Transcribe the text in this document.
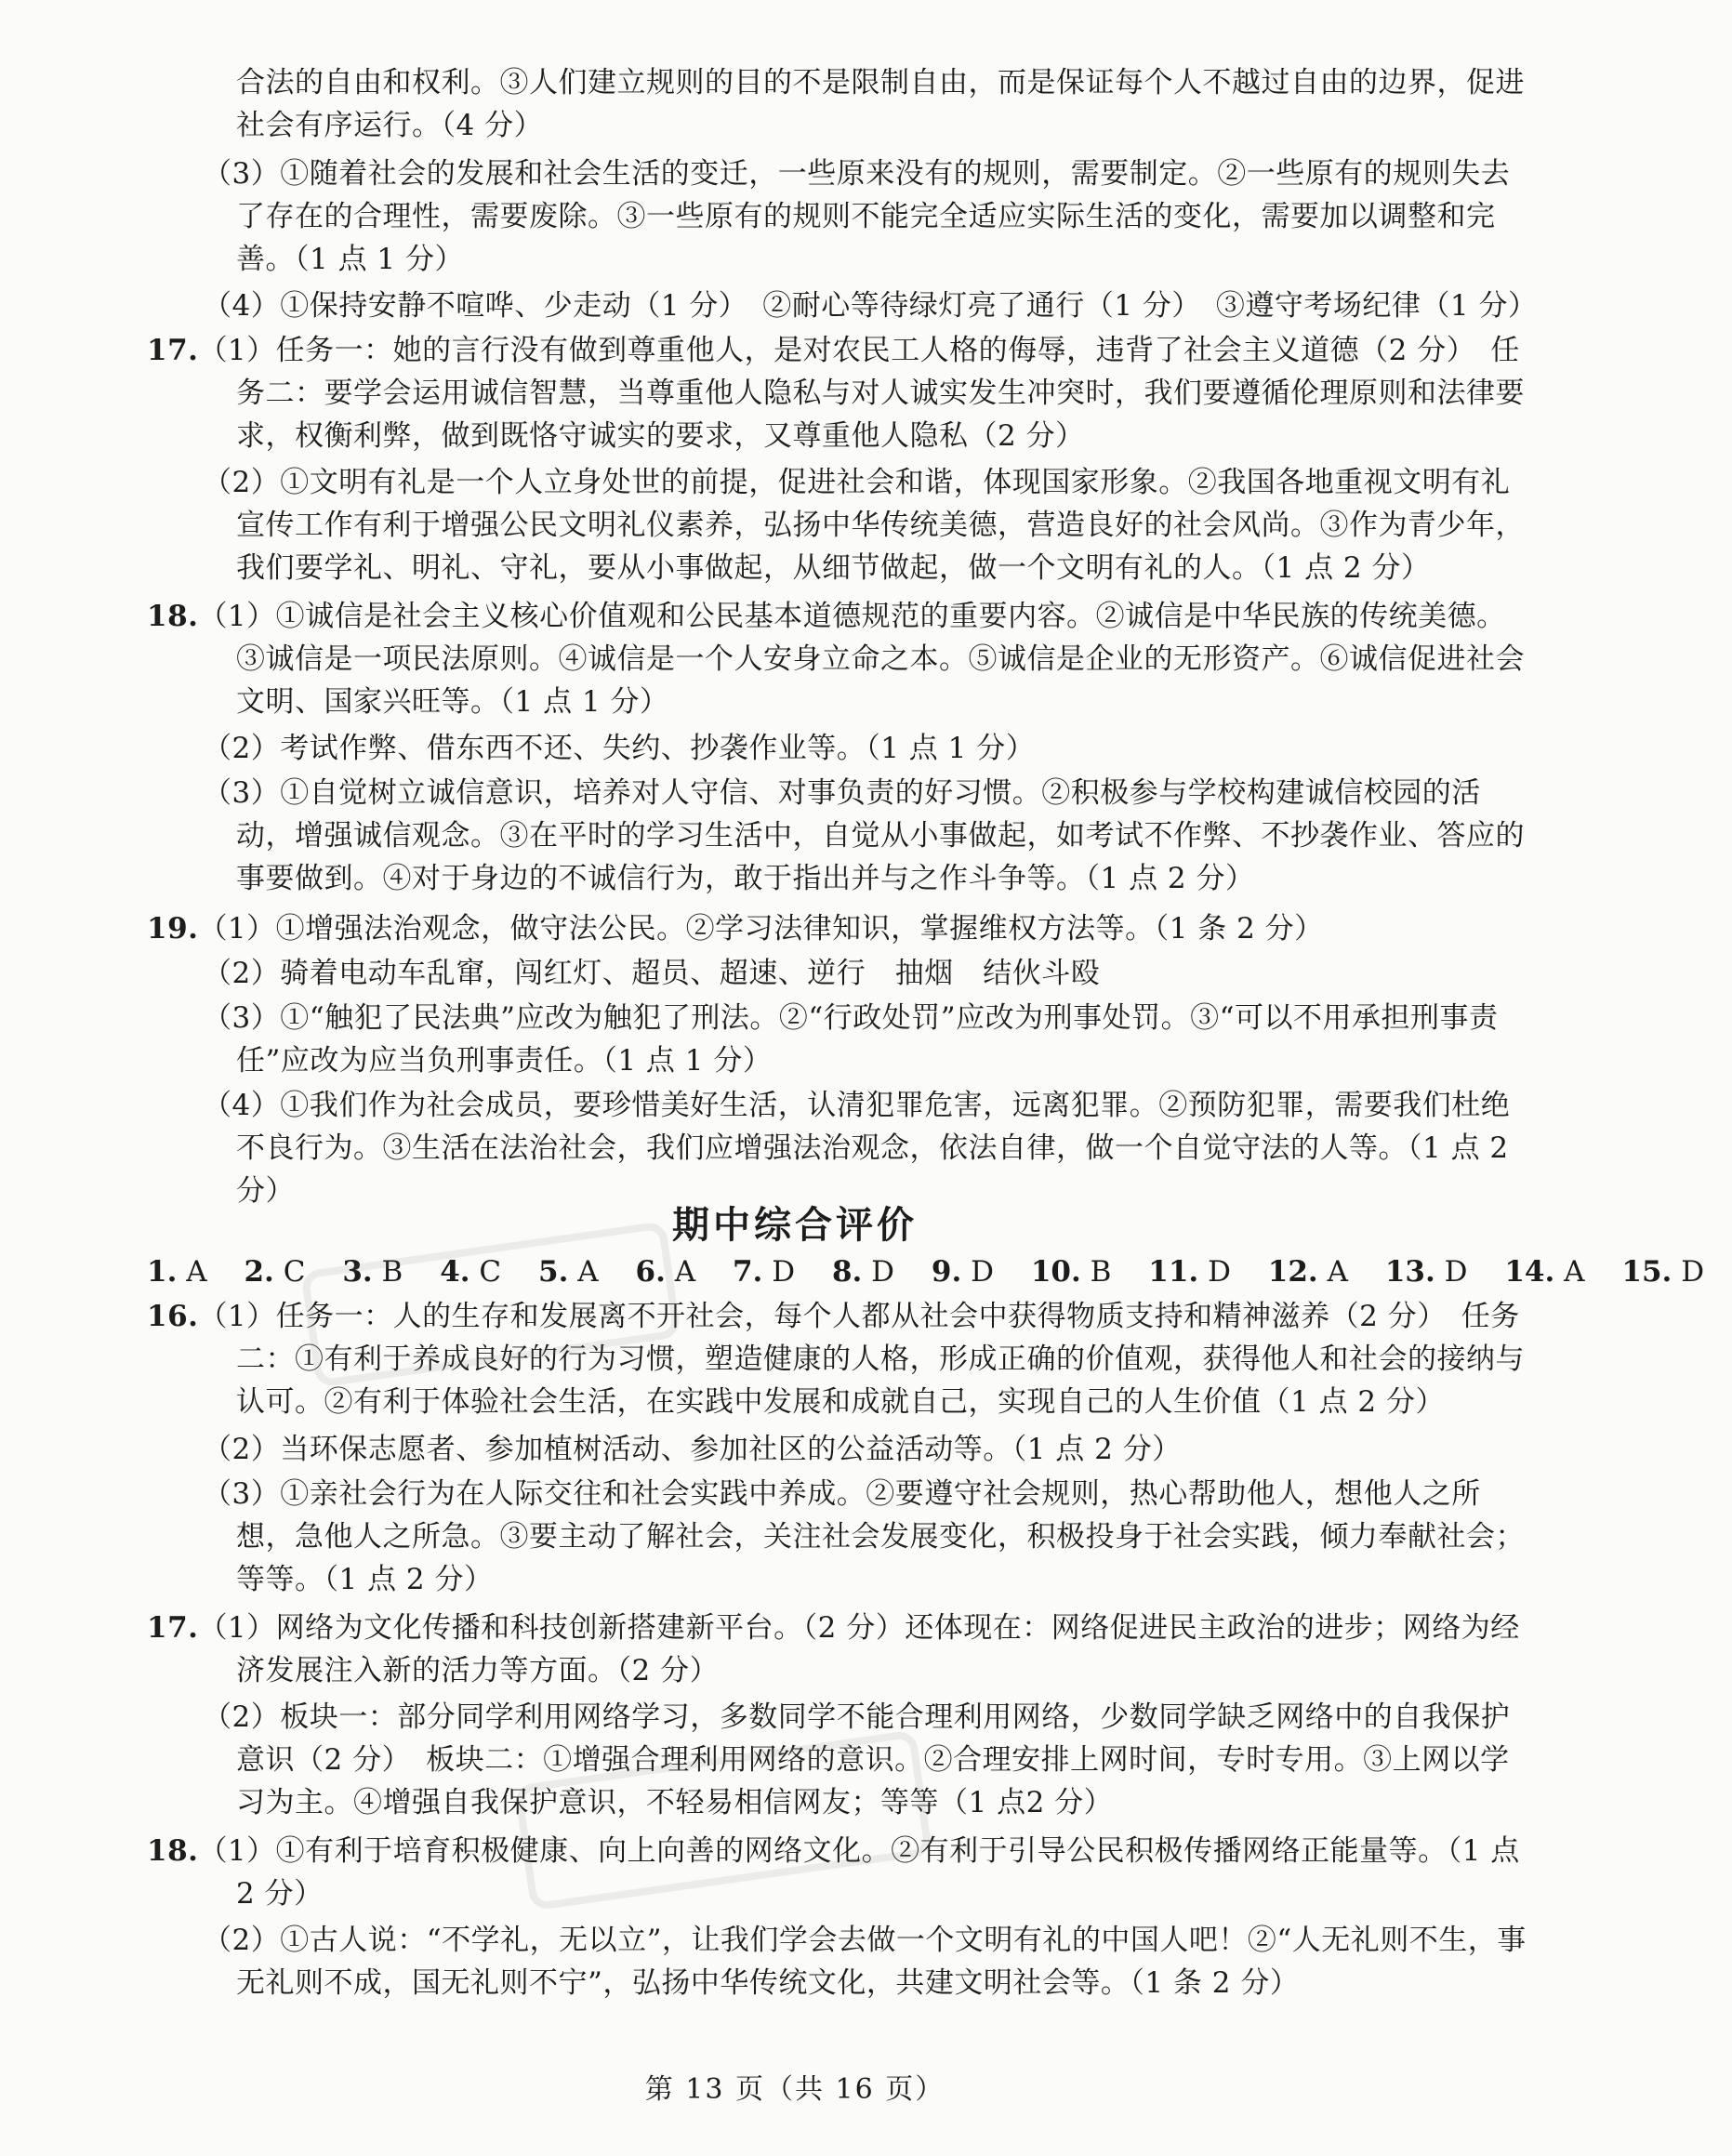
合法的自由和权利。③人们建立规则的目的不是限制自由，而是保证每个人不越过自由的边界，促进社会有序运行。（4 分）
（3）①随着社会的发展和社会生活的变迁，一些原来没有的规则，需要制定。②一些原有的规则失去了存在的合理性，需要废除。③一些原有的规则不能完全适应实际生活的变化，需要加以调整和完善。（1 点 1 分）
（4）①保持安静不喧哗、少走动（1 分）　②耐心等待绿灯亮了通行（1 分）　③遵守考场纪律（1 分）
17.（1）任务一：她的言行没有做到尊重他人，是对农民工人格的侮辱，违背了社会主义道德（2 分）　任务二：要学会运用诚信智慧，当尊重他人隐私与对人诚实发生冲突时，我们要遵循伦理原则和法律要求，权衡利弊，做到既恪守诚实的要求，又尊重他人隐私（2 分）
（2）①文明有礼是一个人立身处世的前提，促进社会和谐，体现国家形象。②我国各地重视文明有礼宣传工作有利于增强公民文明礼仪素养，弘扬中华传统美德，营造良好的社会风尚。③作为青少年，我们要学礼、明礼、守礼，要从小事做起，从细节做起，做一个文明有礼的人。（1 点 2 分）
18.（1）①诚信是社会主义核心价值观和公民基本道德规范的重要内容。②诚信是中华民族的传统美德。③诚信是一项民法原则。④诚信是一个人安身立命之本。⑤诚信是企业的无形资产。⑥诚信促进社会文明、国家兴旺等。（1 点 1 分）
（2）考试作弊、借东西不还、失约、抄袭作业等。（1 点 1 分）
（3）①自觉树立诚信意识，培养对人守信、对事负责的好习惯。②积极参与学校构建诚信校园的活动，增强诚信观念。③在平时的学习生活中，自觉从小事做起，如考试不作弊、不抄袭作业、答应的事要做到。④对于身边的不诚信行为，敢于指出并与之作斗争等。（1 点 2 分）
19.（1）①增强法治观念，做守法公民。②学习法律知识，掌握维权方法等。（1 条 2 分）
（2）骑着电动车乱窜，闯红灯、超员、超速、逆行　抽烟　结伙斗殴
（3）①“触犯了民法典”应改为触犯了刑法。②“行政处罚”应改为刑事处罚。③“可以不用承担刑事责任”应改为应当负刑事责任。（1 点 1 分）
（4）①我们作为社会成员，要珍惜美好生活，认清犯罪危害，远离犯罪。②预防犯罪，需要我们杜绝不良行为。③生活在法治社会，我们应增强法治观念，依法自律，做一个自觉守法的人等。（1 点 2 分）
期中综合评价
1. A 2. C 3. B 4. C 5. A 6. A 7. D 8. D 9. D 10. B 11. D 12. A 13. D 14. A 15. D
16.（1）任务一：人的生存和发展离不开社会，每个人都从社会中获得物质支持和精神滋养（2 分）　任务二：①有利于养成良好的行为习惯，塑造健康的人格，形成正确的价值观，获得他人和社会的接纳与认可。②有利于体验社会生活，在实践中发展和成就自己，实现自己的人生价值（1 点 2 分）
（2）当环保志愿者、参加植树活动、参加社区的公益活动等。（1 点 2 分）
（3）①亲社会行为在人际交往和社会实践中养成。②要遵守社会规则，热心帮助他人，想他人之所想，急他人之所急。③要主动了解社会，关注社会发展变化，积极投身于社会实践，倾力奉献社会；等等。（1 点 2 分）
17.（1）网络为文化传播和科技创新搭建新平台。（2 分）还体现在：网络促进民主政治的进步；网络为经济发展注入新的活力等方面。（2 分）
（2）板块一：部分同学利用网络学习，多数同学不能合理利用网络，少数同学缺乏网络中的自我保护意识（2 分）　板块二：①增强合理利用网络的意识。②合理安排上网时间，专时专用。③上网以学习为主。④增强自我保护意识，不轻易相信网友；等等（1 点2 分）
18.（1）①有利于培育积极健康、向上向善的网络文化。②有利于引导公民积极传播网络正能量等。（1 点 2 分）
（2）①古人说：“不学礼，无以立”，让我们学会去做一个文明有礼的中国人吧！②“人无礼则不生，事无礼则不成，国无礼则不宁”，弘扬中华传统文化，共建文明社会等。（1 条 2 分）
第 13 页（共 16 页）
